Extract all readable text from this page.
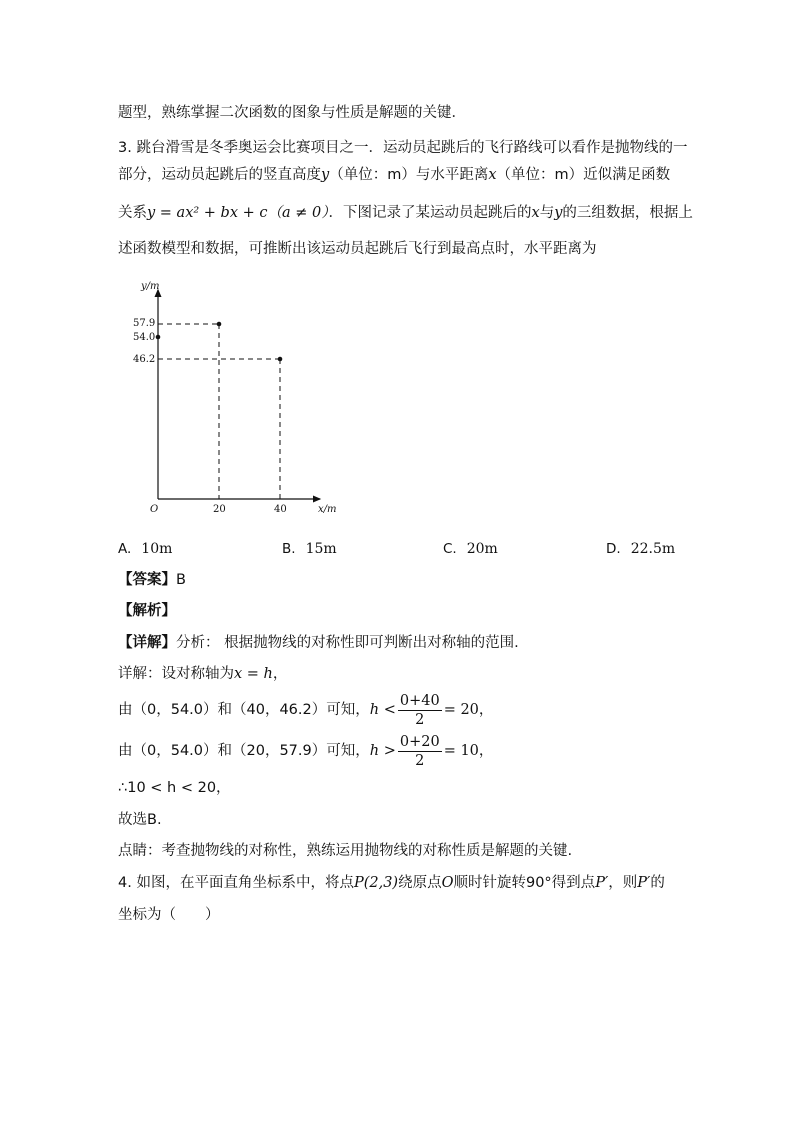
题型，熟练掌握二次函数的图象与性质是解题的关键．
3. 跳台滑雪是冬季奥运会比赛项目之一．运动员起跳后的飞行路线可以看作是抛物线的一
部分，运动员起跳后的竖直高度y（单位：m）与水平距离x（单位：m）近似满足函数
关系y = ax² + bx + c（a ≠ 0）．下图记录了某运动员起跳后的x与y的三组数据，根据上
述函数模型和数据，可推断出该运动员起跳后飞行到最高点时，水平距离为
y/m
x/m
O
57.9
54.0
46.2
20	40
A. 10m	B. 15m	C. 20m	D. 22.5m
【答案】B
【解析】
【详解】分析： 根据抛物线的对称性即可判断出对称轴的范围.
详解：设对称轴为x = h，
由（0，54.0）和（40，46.2）可知，$h < \frac{0+40}{2} = 20$，
由（0，54.0）和（20，57.9）可知，$h > \frac{0+20}{2} = 10$，
∴10 < h < 20，
故选B.
点睛：考查抛物线的对称性，熟练运用抛物线的对称性质是解题的关键.
4. 如图，在平面直角坐标系中，将点P(2,3)绕原点O顺时针旋转90°得到点P′，则P′的
坐标为（　　）
